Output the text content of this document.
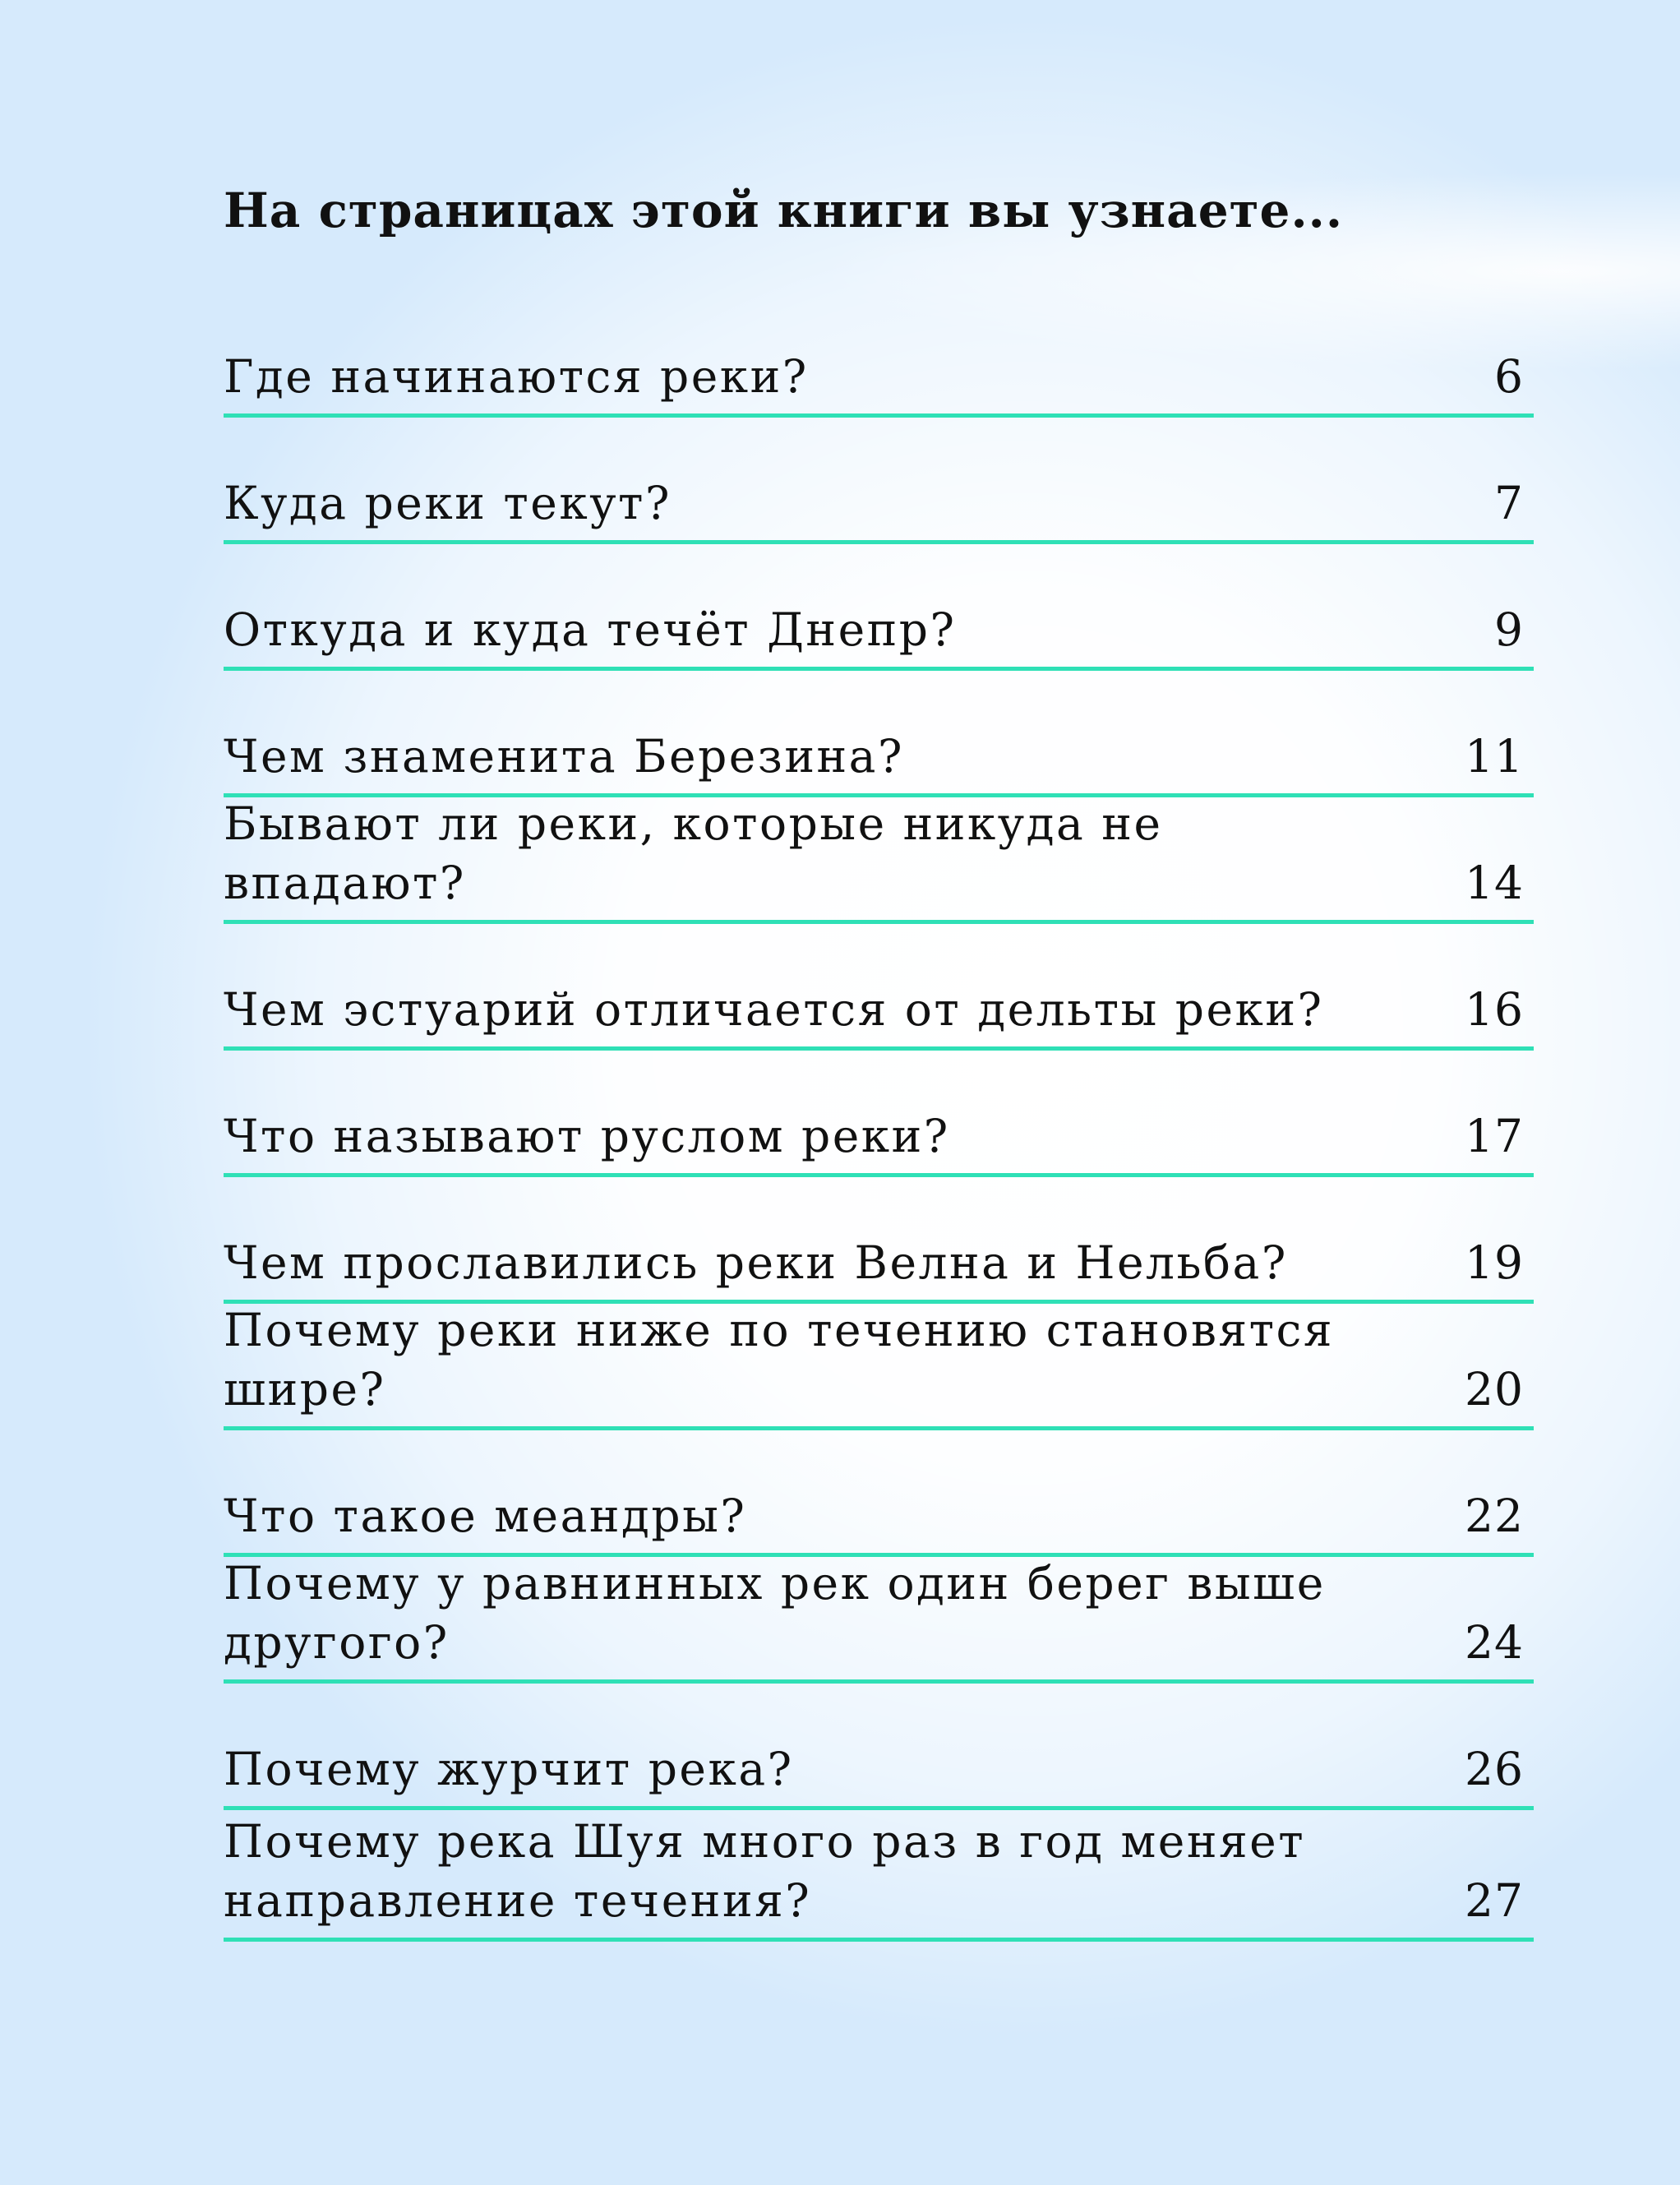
На страницах этой книги вы узнаете...
Где начинаются реки?	6
Куда реки текут?	7
Откуда и куда течёт Днепр?	9
Чем знаменита Березина?	11
Бывают ли реки, которые никуда не впадают?	14
Чем эстуарий отличается от дельты реки?	16
Что называют руслом реки?	17
Чем прославились реки Велна и Нельба?	19
Почему реки ниже по течению становятся
шире?	20
Что такое меандры?	22
Почему у равнинных рек один берег выше
другого?	24
Почему журчит река?	26
Почему река Шуя много раз в год меняет
направление течения?	27
